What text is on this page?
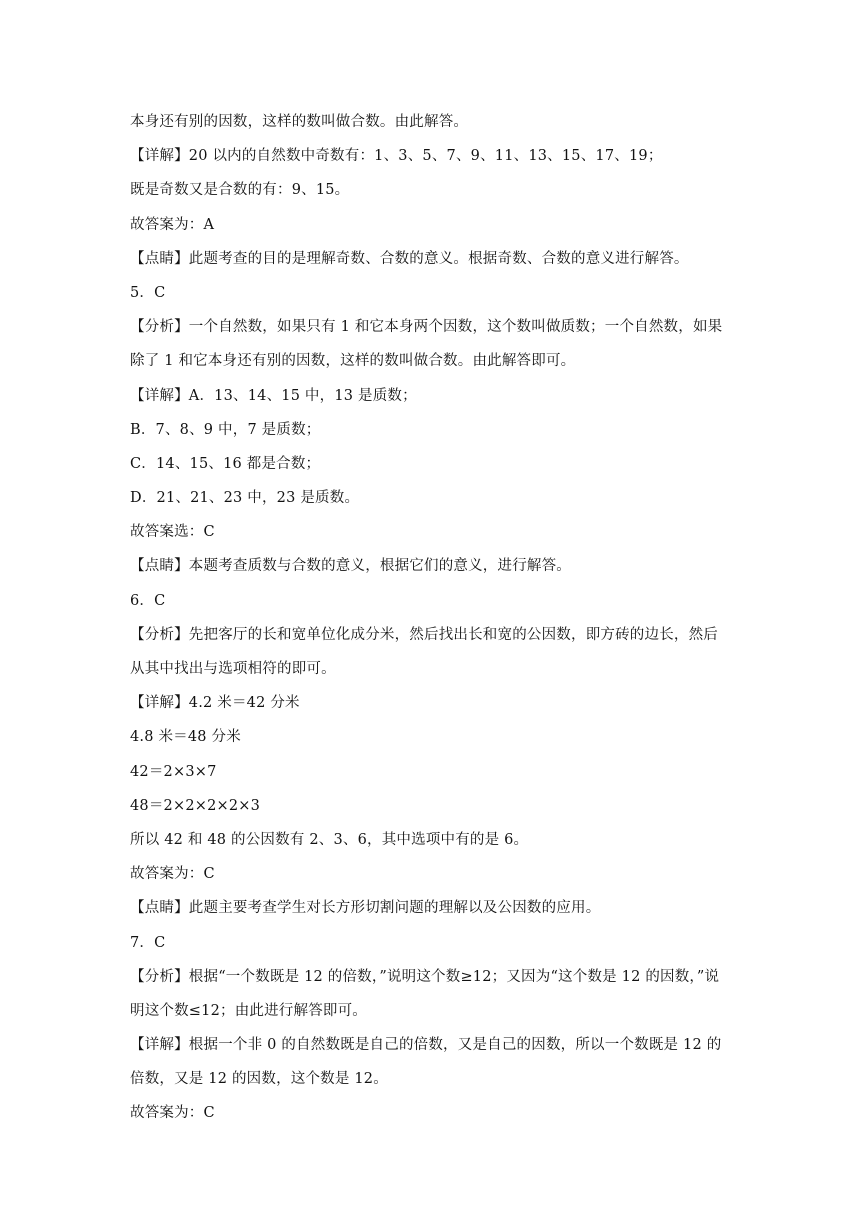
本身还有别的因数，这样的数叫做合数。由此解答。
【详解】20 以内的自然数中奇数有：1、3、5、7、9、11、13、15、17、19；
既是奇数又是合数的有：9、15。
故答案为：A
【点睛】此题考查的目的是理解奇数、合数的意义。根据奇数、合数的意义进行解答。
5．C
【分析】一个自然数，如果只有 1 和它本身两个因数，这个数叫做质数；一个自然数，如果
除了 1 和它本身还有别的因数，这样的数叫做合数。由此解答即可。
【详解】A．13、14、15 中，13 是质数；
B．7、8、9 中，7 是质数；
C．14、15、16 都是合数；
D．21、21、23 中，23 是质数。
故答案选：C
【点睛】本题考查质数与合数的意义，根据它们的意义，进行解答。
6．C
【分析】先把客厅的长和宽单位化成分米，然后找出长和宽的公因数，即方砖的边长，然后
从其中找出与选项相符的即可。
【详解】4.2 米＝42 分米
4.8 米＝48 分米
42＝2×3×7
48＝2×2×2×2×3
所以 42 和 48 的公因数有 2、3、6，其中选项中有的是 6。
故答案为：C
【点睛】此题主要考查学生对长方形切割问题的理解以及公因数的应用。
7．C
【分析】根据“一个数既是 12 的倍数，”说明这个数≥12；又因为“这个数是 12 的因数，”说
明这个数≤12；由此进行解答即可。
【详解】根据一个非 0 的自然数既是自己的倍数，又是自己的因数，所以一个数既是 12 的
倍数，又是 12 的因数，这个数是 12。
故答案为：C
